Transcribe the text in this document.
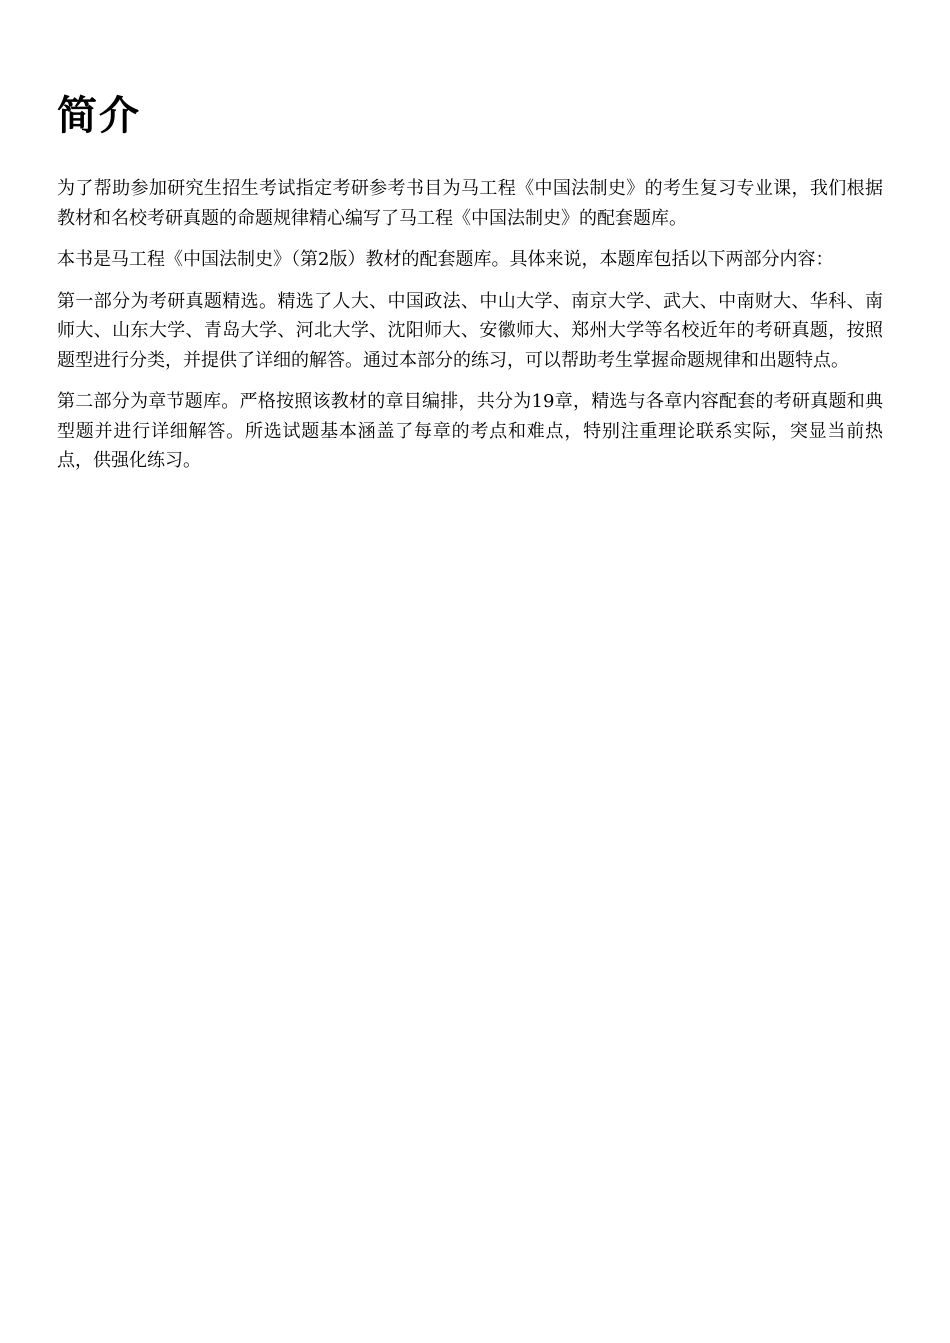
简介

为了帮助参加研究生招生考试指定考研参考书目为马工程《中国法制史》的考生复习专业课，我们根据教材和名校考研真题的命题规律精心编写了马工程《中国法制史》的配套题库。

本书是马工程《中国法制史》（第2版）教材的配套题库。具体来说，本题库包括以下两部分内容：

第一部分为考研真题精选。精选了人大、中国政法、中山大学、南京大学、武大、中南财大、华科、南师大、山东大学、青岛大学、河北大学、沈阳师大、安徽师大、郑州大学等名校近年的考研真题，按照题型进行分类，并提供了详细的解答。通过本部分的练习，可以帮助考生掌握命题规律和出题特点。

第二部分为章节题库。严格按照该教材的章目编排，共分为19章，精选与各章内容配套的考研真题和典型题并进行详细解答。所选试题基本涵盖了每章的考点和难点，特别注重理论联系实际，突显当前热点，供强化练习。
